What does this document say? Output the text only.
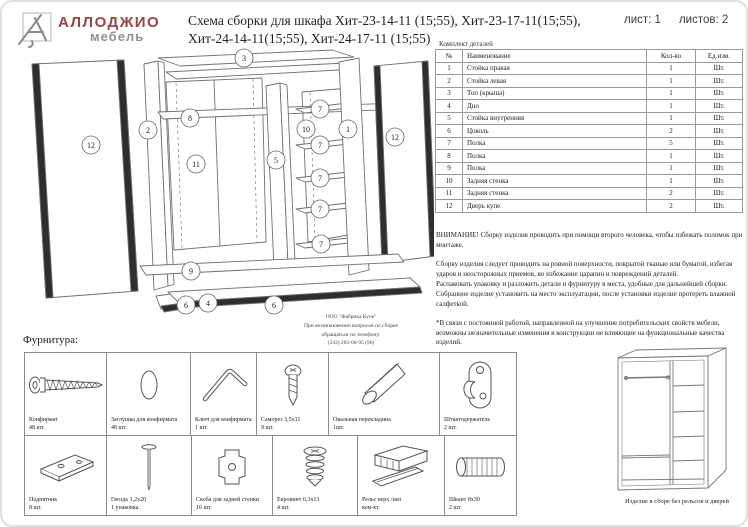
АЛЛОДЖИО
мебель
Схема сборки для шкафа Хит-23-14-11 (15;55), Хит-23-17-11(15;55),
Хит-24-14-11(15;55), Хит-24-17-11 (15;55)
лист: 1 листов: 2
Комплект деталей
№	Наименование	Кол-во	Ед.изм.
1	Стойка правая	1	Шт.
2	Стойка левая	1	Шт.
3	Топ (крыша)	1	Шт.
4	Дно	1	Шт.
5	Стойка внутренняя	1	Шт.
6	Цоколь	2	Шт.
7	Полка	5	Шт.
8	Полка	1	Шт.
9	Полка	1	Шт.
10	Задняя стенка	1	Шт.
11	Задняя стенка	2	Шт.
12	Дверь купе	2	Шт.
ВНИМАНИЕ! Сборку изделия проводить при помощи второго человека, чтобы избежать поломок при монтаже.
Сборку изделия следует проводить на ровной поверхности, покрытой тканью или бумагой, избегая ударов и неосторожных приемов, во избежание царапин и повреждений деталей.
Распаковать упаковку и разложить детали и фурнитуру в места, удобные для дальнейшей сборки.
Собранное изделие установить на место эксплуатации, после установки изделие протереть влажной салфеткой.
*В связи с постоянной работой, направленной на улучшение потребительских свойств мебели, возможны незначительные изменения в конструкции не влияющие на функциональные качества изделий.
ООО "Фабрика Купе"
При возникновении вопросов по сборке
обращаться по телефону:
(343) 283-00-95 (96)
3
12
2
8
11	5
10
7
7
7
7
7
1
12
9
6 4	6
Фурнитура:
Конфирмат
48 шт.
Заглушка для конфирмата
48 шт.
Ключ для конфирмата
1 шт.
Саморез 3,5х11
9 шт.
Овальная перекладина
1шт.
Штангодержатель
2 шт.
Подпятник
8 шт.
Гвоздь 1,2х20
1 упаковка.
Скоба для задней стенки
16 шт.
Евровинт 6,3х13
4 шт.
Рельс верх /низ
ком-кт.
Шкант 8х30
2 шт.
Изделие в сборе без рельсов и дверей
